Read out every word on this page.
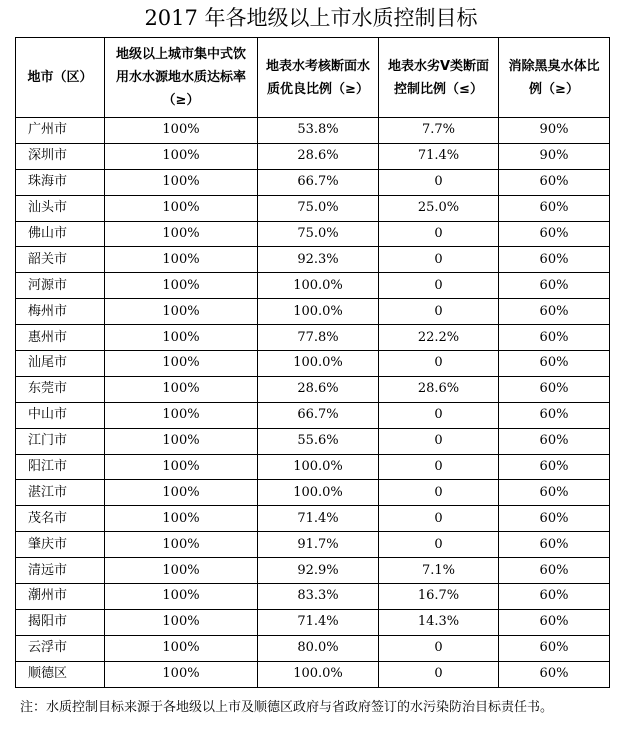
2017 年各地级以上市水质控制目标
地市（区）	地级以上城市集中式饮用水水源地水质达标率（≥）	地表水考核断面水质优良比例（≥）	地表水劣Ⅴ类断面控制比例（≤）	消除黑臭水体比例（≥）

广州市	100%	53.8%	7.7%	90%
深圳市	100%	28.6%	71.4%	90%
珠海市	100%	66.7%	0	60%
汕头市	100%	75.0%	25.0%	60%
佛山市	100%	75.0%	0	60%
韶关市	100%	92.3%	0	60%
河源市	100%	100.0%	0	60%
梅州市	100%	100.0%	0	60%
惠州市	100%	77.8%	22.2%	60%
汕尾市	100%	100.0%	0	60%
东莞市	100%	28.6%	28.6%	60%
中山市	100%	66.7%	0	60%
江门市	100%	55.6%	0	60%
阳江市	100%	100.0%	0	60%
湛江市	100%	100.0%	0	60%
茂名市	100%	71.4%	0	60%
肇庆市	100%	91.7%	0	60%
清远市	100%	92.9%	7.1%	60%
潮州市	100%	83.3%	16.7%	60%
揭阳市	100%	71.4%	14.3%	60%
云浮市	100%	80.0%	0	60%
顺德区	100%	100.0%	0	60%
注：水质控制目标来源于各地级以上市及顺德区政府与省政府签订的水污染防治目标责任书。
